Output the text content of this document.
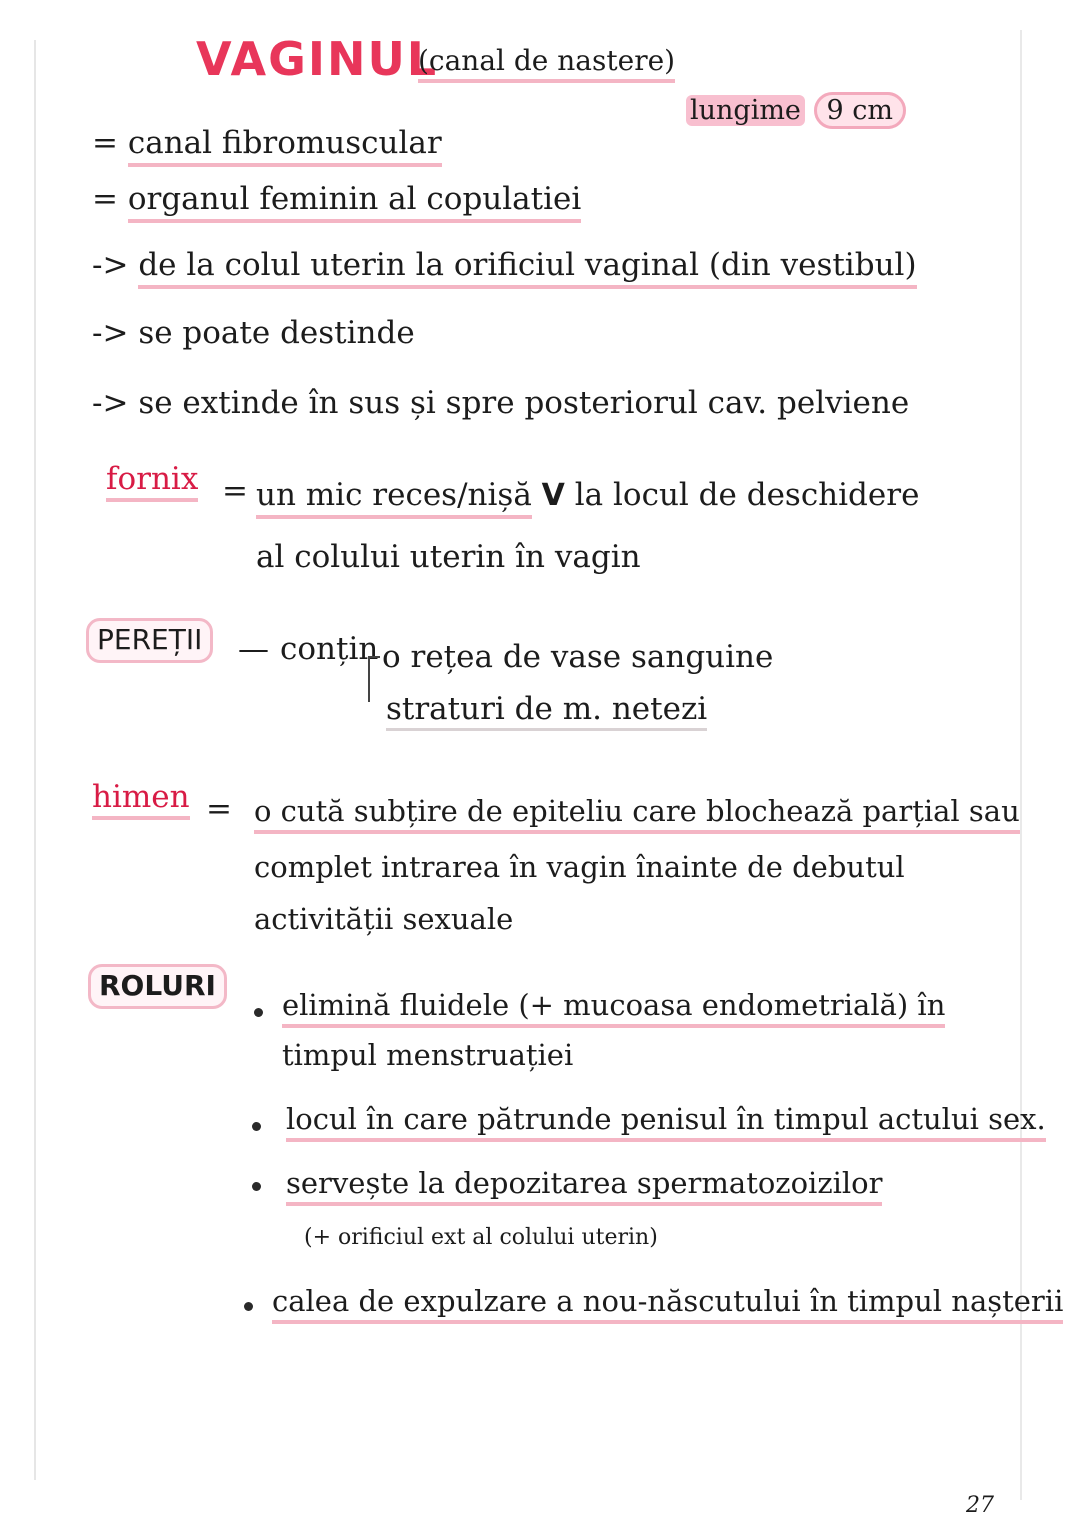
VAGINUL
(canal de nastere)
lungime 9 cm
= canal fibromuscular
= organul feminin al copulatiei
-> de la colul uterin la orificiul vaginal (din vestibul)
-> se poate destinde
-> se extinde în sus și spre posteriorul cav. pelviene
fornix = un mic reces/nișă V la locul de deschidere
al colului uterin în vagin
PEREȚII	— conțin o rețea de vase sanguine
straturi de m. netezi
himen = o cută subțire de epiteliu care blochează parțial sau
complet intrarea în vagin înainte de debutul
activității sexuale
ROLURI
elimină fluidele (+ mucoasa endometrială) în
timpul menstruației
locul în care pătrunde penisul în timpul actului sex.
servește la depozitarea spermatozoizilor
(+ orificiul ext al colului uterin)
calea de expulzare a nou-născutului în timpul nașterii
27
